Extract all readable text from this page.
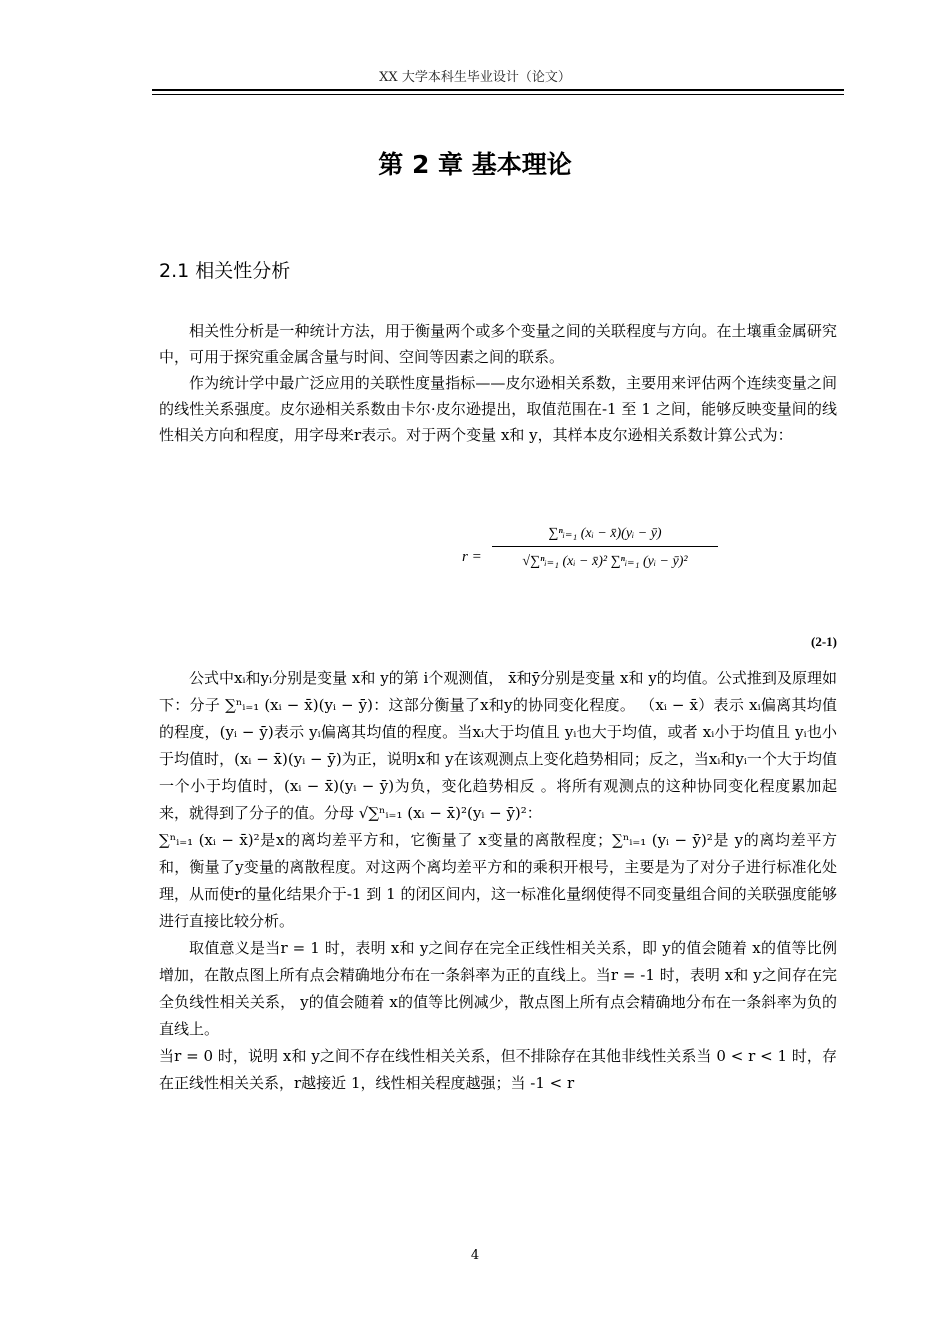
XX 大学本科生毕业设计（论文）
第 2 章 基本理论
2.1 相关性分析

相关性分析是一种统计方法，用于衡量两个或多个变量之间的关联程度与方向。在土壤重金属研究中，可用于探究重金属含量与时间、空间等因素之间的联系。

作为统计学中最广泛应用的关联性度量指标——皮尔逊相关系数，主要用来评估两个连续变量之间的线性关系强度。皮尔逊相关系数由卡尔·皮尔逊提出，取值范围在-1 至 1 之间，能够反映变量间的线性相关方向和程度，用字母来r表示。对于两个变量 x和 y，其样本皮尔逊相关系数计算公式为：

r =
∑ⁿᵢ₌₁ (xᵢ − x̄)(yᵢ − ȳ)
√∑ⁿᵢ₌₁ (xᵢ − x̄)² ∑ⁿᵢ₌₁ (yᵢ − ȳ)²
(2-1)

公式中xᵢ和yᵢ分别是变量 x和 y的第 i个观测值， x̄和ȳ分别是变量 x和 y的均值。公式推到及原理如下：分子 ∑ⁿᵢ₌₁ (xᵢ − x̄)(yᵢ − ȳ)：这部分衡量了x和y的协同变化程度。 （xᵢ − x̄）表示 xᵢ偏离其均值的程度，(yᵢ − ȳ)表示 yᵢ偏离其均值的程度。当xᵢ大于均值且 yᵢ也大于均值，或者 xᵢ小于均值且 yᵢ也小于均值时，(xᵢ − x̄)(yᵢ − ȳ)为正，说明x和 y在该观测点上变化趋势相同；反之，当xᵢ和yᵢ一个大于均值一个小于均值时，(xᵢ − x̄)(yᵢ − ȳ)为负，变化趋势相反 。将所有观测点的这种协同变化程度累加起来，就得到了分子的值。分母 √∑ⁿᵢ₌₁ (xᵢ − x̄)²(yᵢ − ȳ)²：

∑ⁿᵢ₌₁ (xᵢ − x̄)²是x的离均差平方和，它衡量了 x变量的离散程度；∑ⁿᵢ₌₁ (yᵢ − ȳ)²是 y的离均差平方和，衡量了y变量的离散程度。对这两个离均差平方和的乘积开根号，主要是为了对分子进行标准化处理，从而使r的量化结果介于-1 到 1 的闭区间内，这一标准化量纲使得不同变量组合间的关联强度能够进行直接比较分析。

取值意义是当r = 1 时，表明 x和 y之间存在完全正线性相关关系，即 y的值会随着 x的值等比例增加，在散点图上所有点会精确地分布在一条斜率为正的直线上。当r = -1 时，表明 x和 y之间存在完全负线性相关关系， y的值会随着 x的值等比例减少，散点图上所有点会精确地分布在一条斜率为负的直线上。

当r = 0 时，说明 x和 y之间不存在线性相关关系，但不排除存在其他非线性关系当 0 < r < 1 时，存在正线性相关关系，r越接近 1，线性相关程度越强；当 -1 < r

4
